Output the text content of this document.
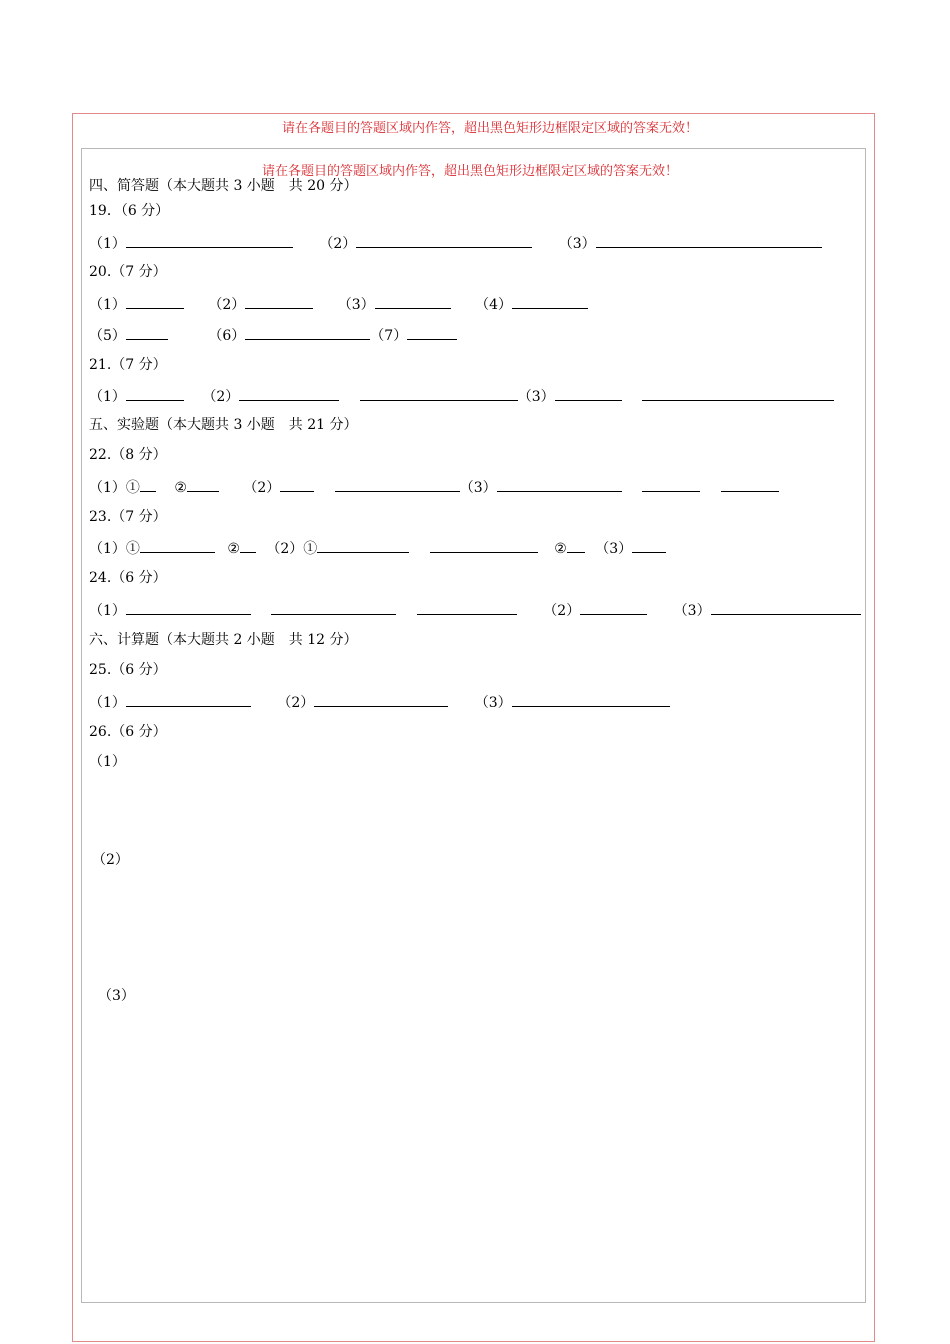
请在各题目的答题区域内作答，超出黑色矩形边框限定区域的答案无效！
请在各题目的答题区域内作答，超出黑色矩形边框限定区域的答案无效！
四、简答题（本大题共 3 小题　共 20 分）
19．（6 分）
（1）	（2）	（3）
20.（7 分）
（1）	（2）	（3）	（4）
（5）	（6）	（7）
21.（7 分）
（1）	（2）	（3）
五、实验题（本大题共 3 小题　共 21 分）
22.（8 分）
（1）① ②	（2）	（3）
23.（7 分）
（1）①	② （2）①	② （3）
24.（6 分）
（1）	（2）	（3）
六、计算题（本大题共 2 小题　共 12 分）
25.（6 分）
（1）	（2）	（3）
26.（6 分）
（1）
（2）
（3）
